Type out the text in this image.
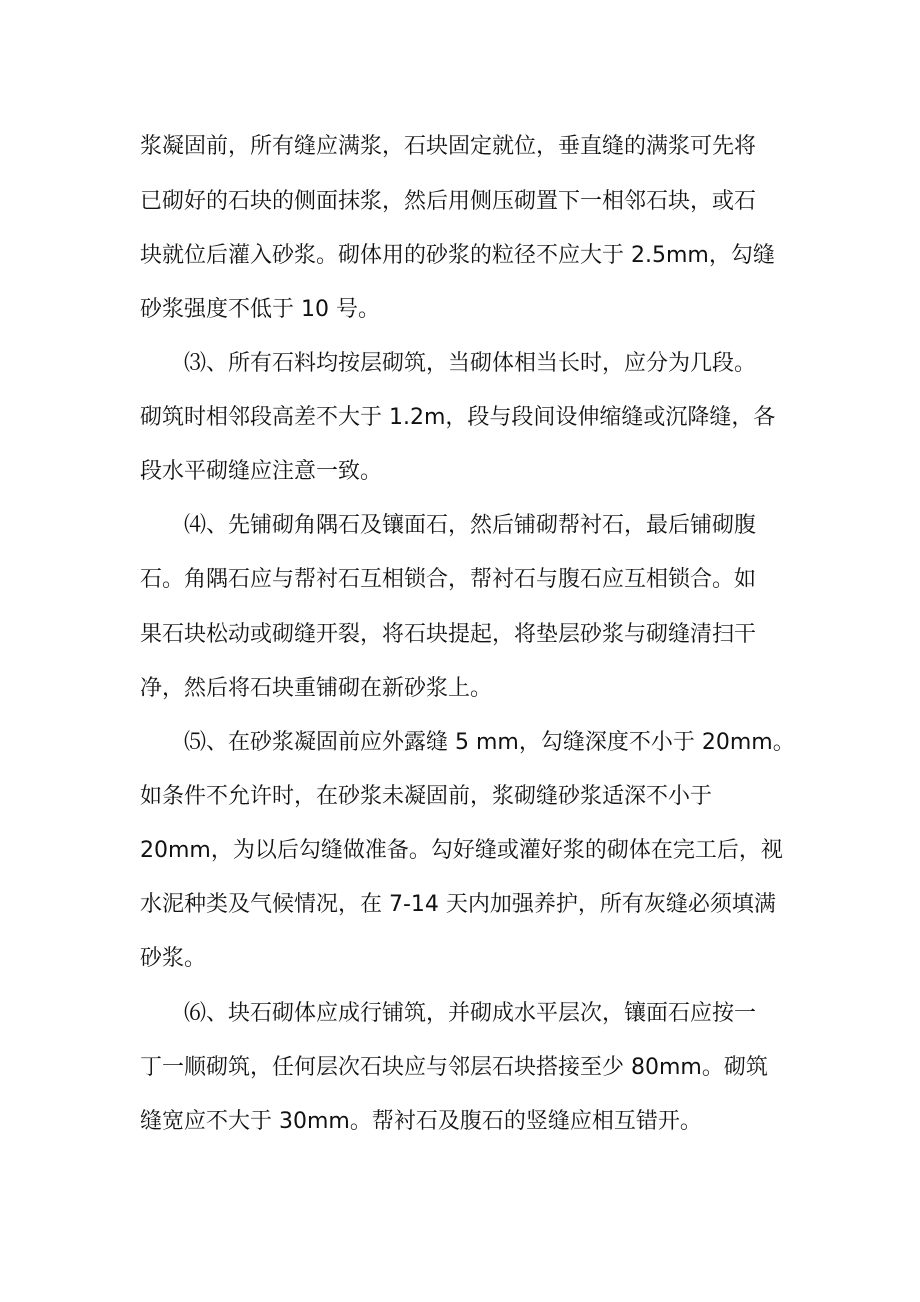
浆凝固前，所有缝应满浆，石块固定就位，垂直缝的满浆可先将
已砌好的石块的侧面抹浆，然后用侧压砌置下一相邻石块，或石
块就位后灌入砂浆。砌体用的砂浆的粒径不应大于 2.5mm，勾缝
砂浆强度不低于 10 号。
⑶、所有石料均按层砌筑，当砌体相当长时，应分为几段。
砌筑时相邻段高差不大于 1.2m，段与段间设伸缩缝或沉降缝，各
段水平砌缝应注意一致。
⑷、先铺砌角隅石及镶面石，然后铺砌帮衬石，最后铺砌腹
石。角隅石应与帮衬石互相锁合，帮衬石与腹石应互相锁合。如
果石块松动或砌缝开裂，将石块提起，将垫层砂浆与砌缝清扫干
净，然后将石块重铺砌在新砂浆上。
⑸、在砂浆凝固前应外露缝 5 mm，勾缝深度不小于 20mm。
如条件不允许时，在砂浆未凝固前，浆砌缝砂浆适深不小于
20mm，为以后勾缝做准备。勾好缝或灌好浆的砌体在完工后，视
水泥种类及气候情况，在 7-14 天内加强养护，所有灰缝必须填满
砂浆。
⑹、块石砌体应成行铺筑，并砌成水平层次，镶面石应按一
丁一顺砌筑，任何层次石块应与邻层石块搭接至少 80mm。砌筑
缝宽应不大于 30mm。帮衬石及腹石的竖缝应相互错开。
